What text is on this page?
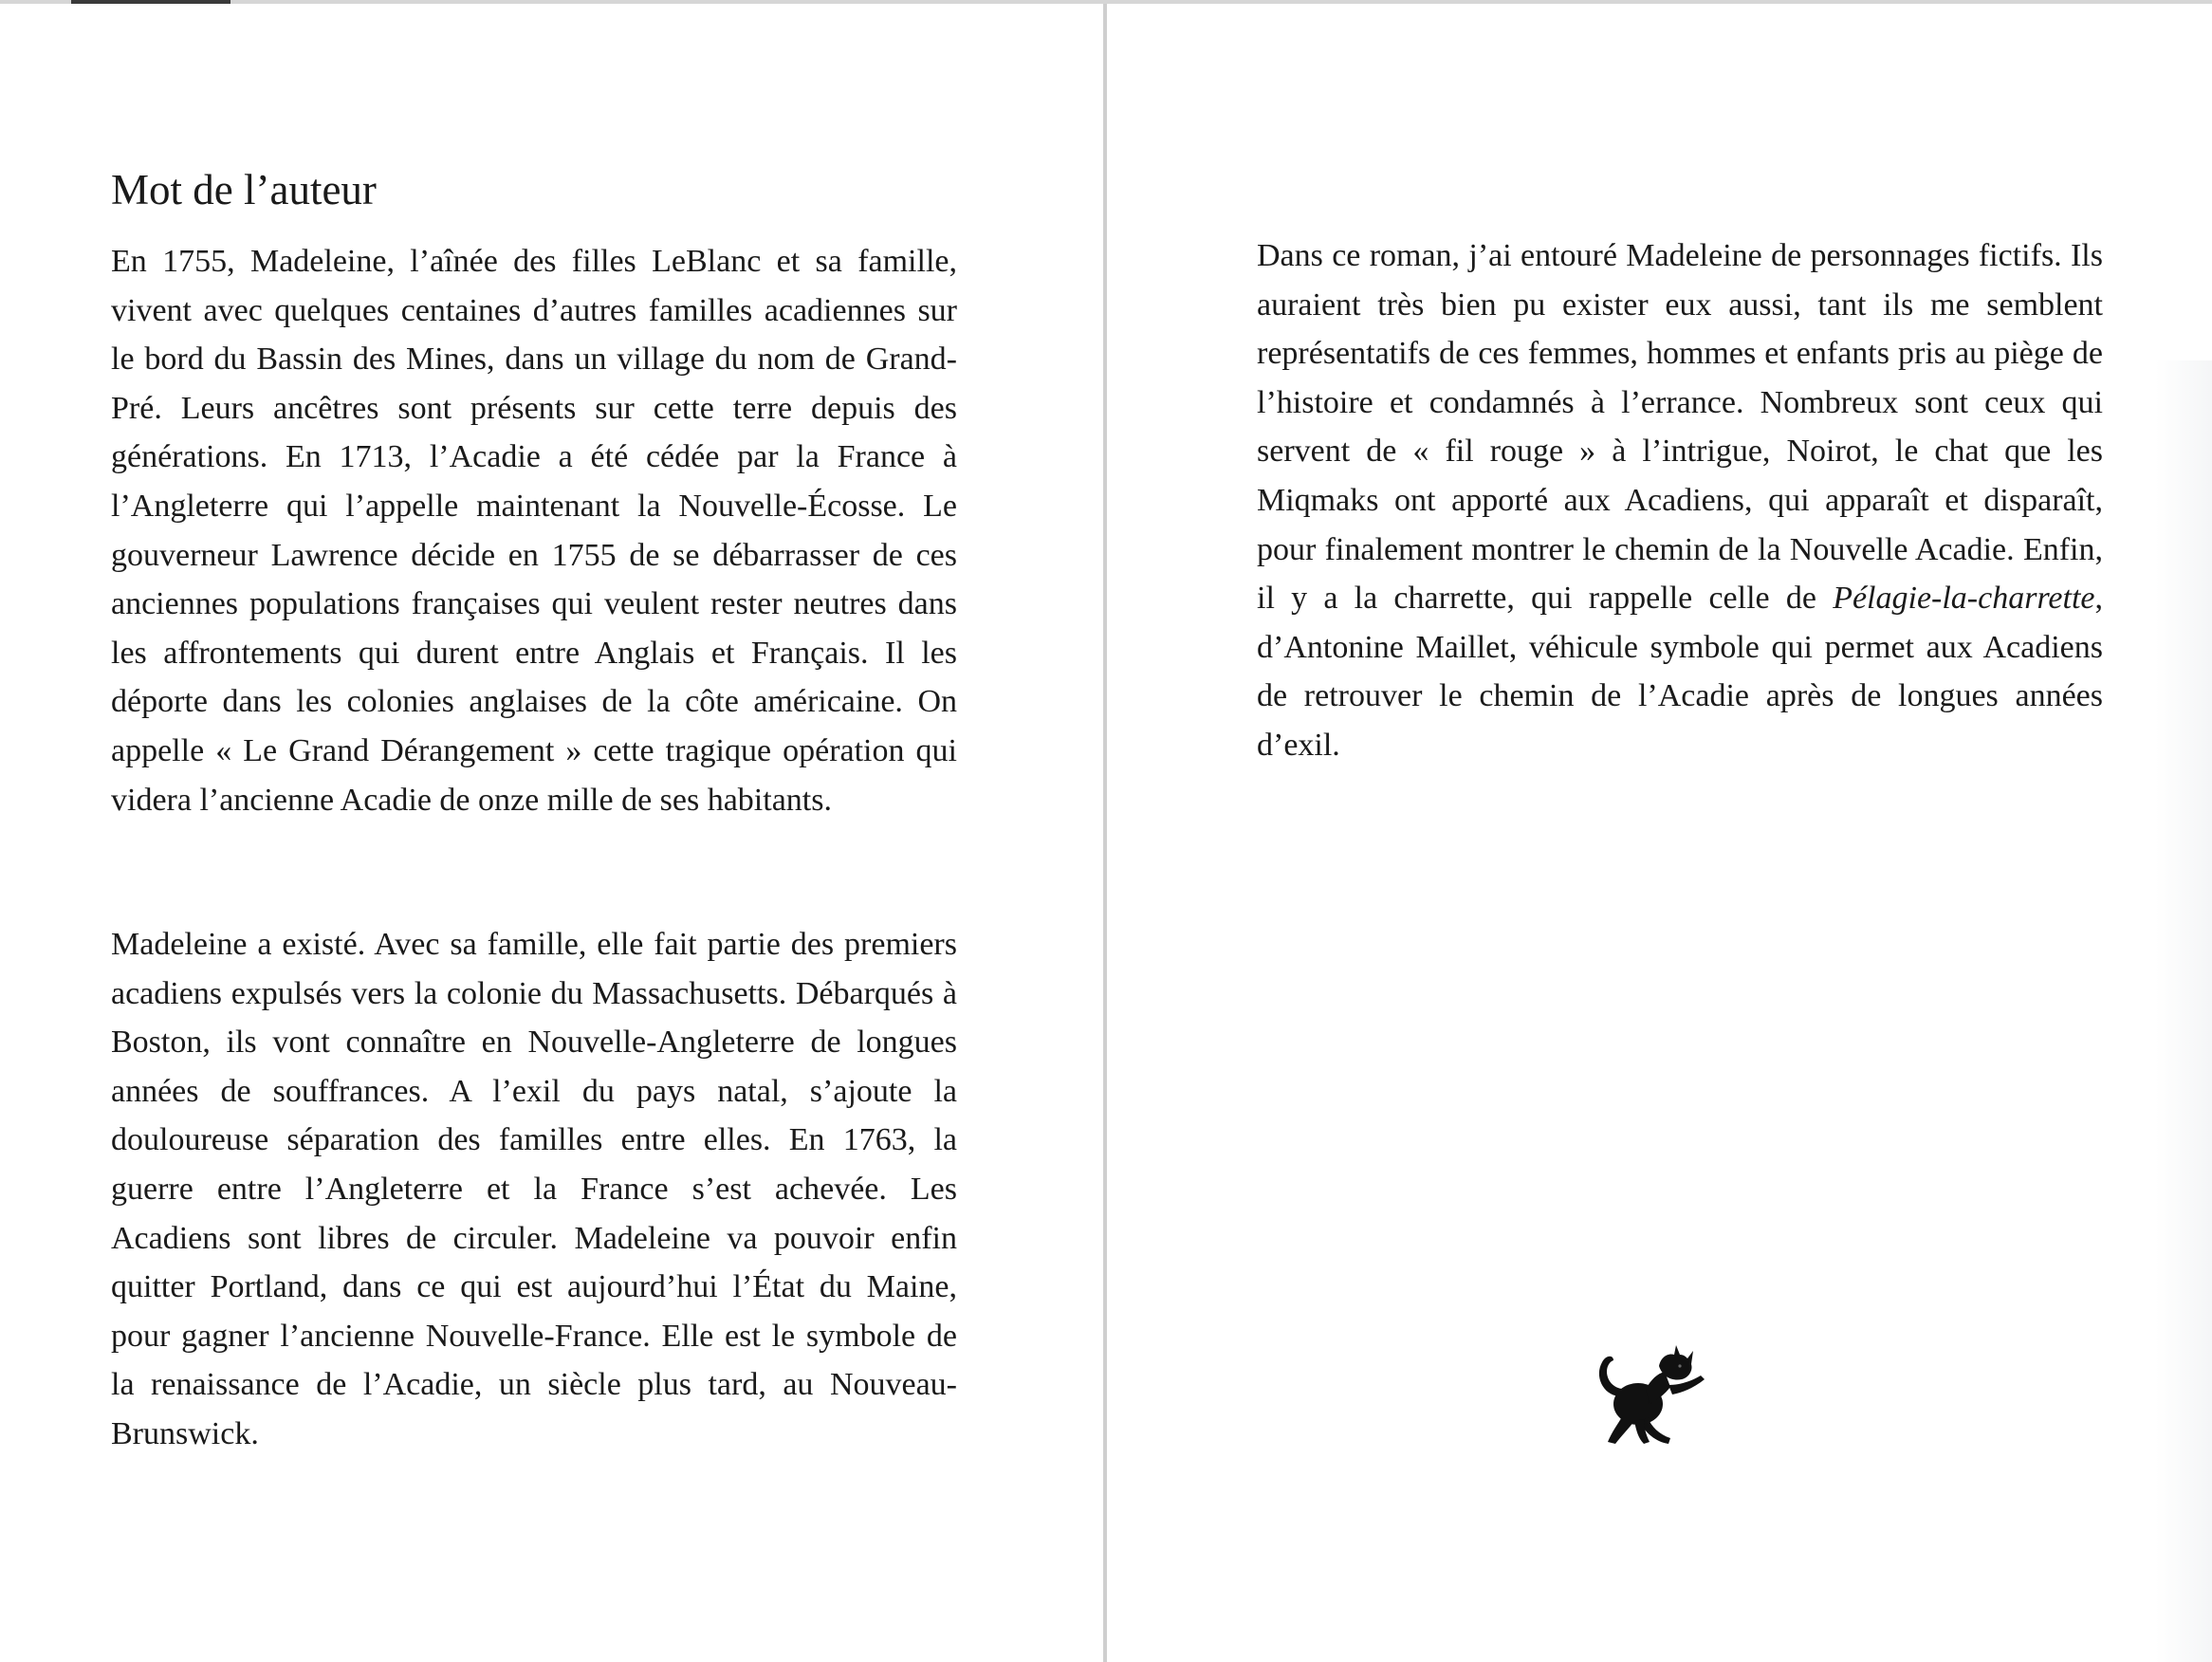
Mot de l’auteur

En 1755, Madeleine, l’aînée des filles LeBlanc et sa famille, vivent avec quelques centaines d’autres familles acadiennes sur le bord du Bassin des Mines, dans un village du nom de Grand-Pré. Leurs ancêtres sont présents sur cette terre depuis des générations. En 1713, l’Acadie a été cédée par la France à l’Angleterre qui l’appelle maintenant la Nouvelle-Écosse. Le gouverneur Lawrence décide en 1755 de se débarrasser de ces anciennes populations françaises qui veulent rester neutres dans les affrontements qui durent entre Anglais et Français. Il les déporte dans les colonies anglaises de la côte américaine. On appelle « Le Grand Dérangement » cette tragique opération qui videra l’ancienne Acadie de onze mille de ses habitants.

Madeleine a existé. Avec sa famille, elle fait partie des premiers acadiens expulsés vers la colonie du Massachusetts. Débarqués à Boston, ils vont connaître en Nouvelle-Angleterre de longues années de souffrances. A l’exil du pays natal, s’ajoute la douloureuse séparation des familles entre elles. En 1763, la guerre entre l’Angleterre et la France s’est achevée. Les Acadiens sont libres de circuler. Madeleine va pouvoir enfin quitter Portland, dans ce qui est aujourd’hui l’État du Maine, pour gagner l’ancienne Nouvelle-France. Elle est le symbole de la renaissance de l’Acadie, un siècle plus tard, au Nouveau-Brunswick.

Dans ce roman, j’ai entouré Madeleine de personnages fictifs. Ils auraient très bien pu exister eux aussi, tant ils me semblent représentatifs de ces femmes, hommes et enfants pris au piège de l’histoire et condamnés à l’errance. Nombreux sont ceux qui servent de « fil rouge » à l’intrigue, Noirot, le chat que les Miqmaks ont apporté aux Acadiens, qui apparaît et disparaît, pour finalement montrer le chemin de la Nouvelle Acadie. Enfin, il y a la charrette, qui rappelle celle de Pélagie-la-charrette, d’Antonine Maillet, véhicule symbole qui permet aux Acadiens de retrouver le chemin de l’Acadie après de longues années d’exil.
